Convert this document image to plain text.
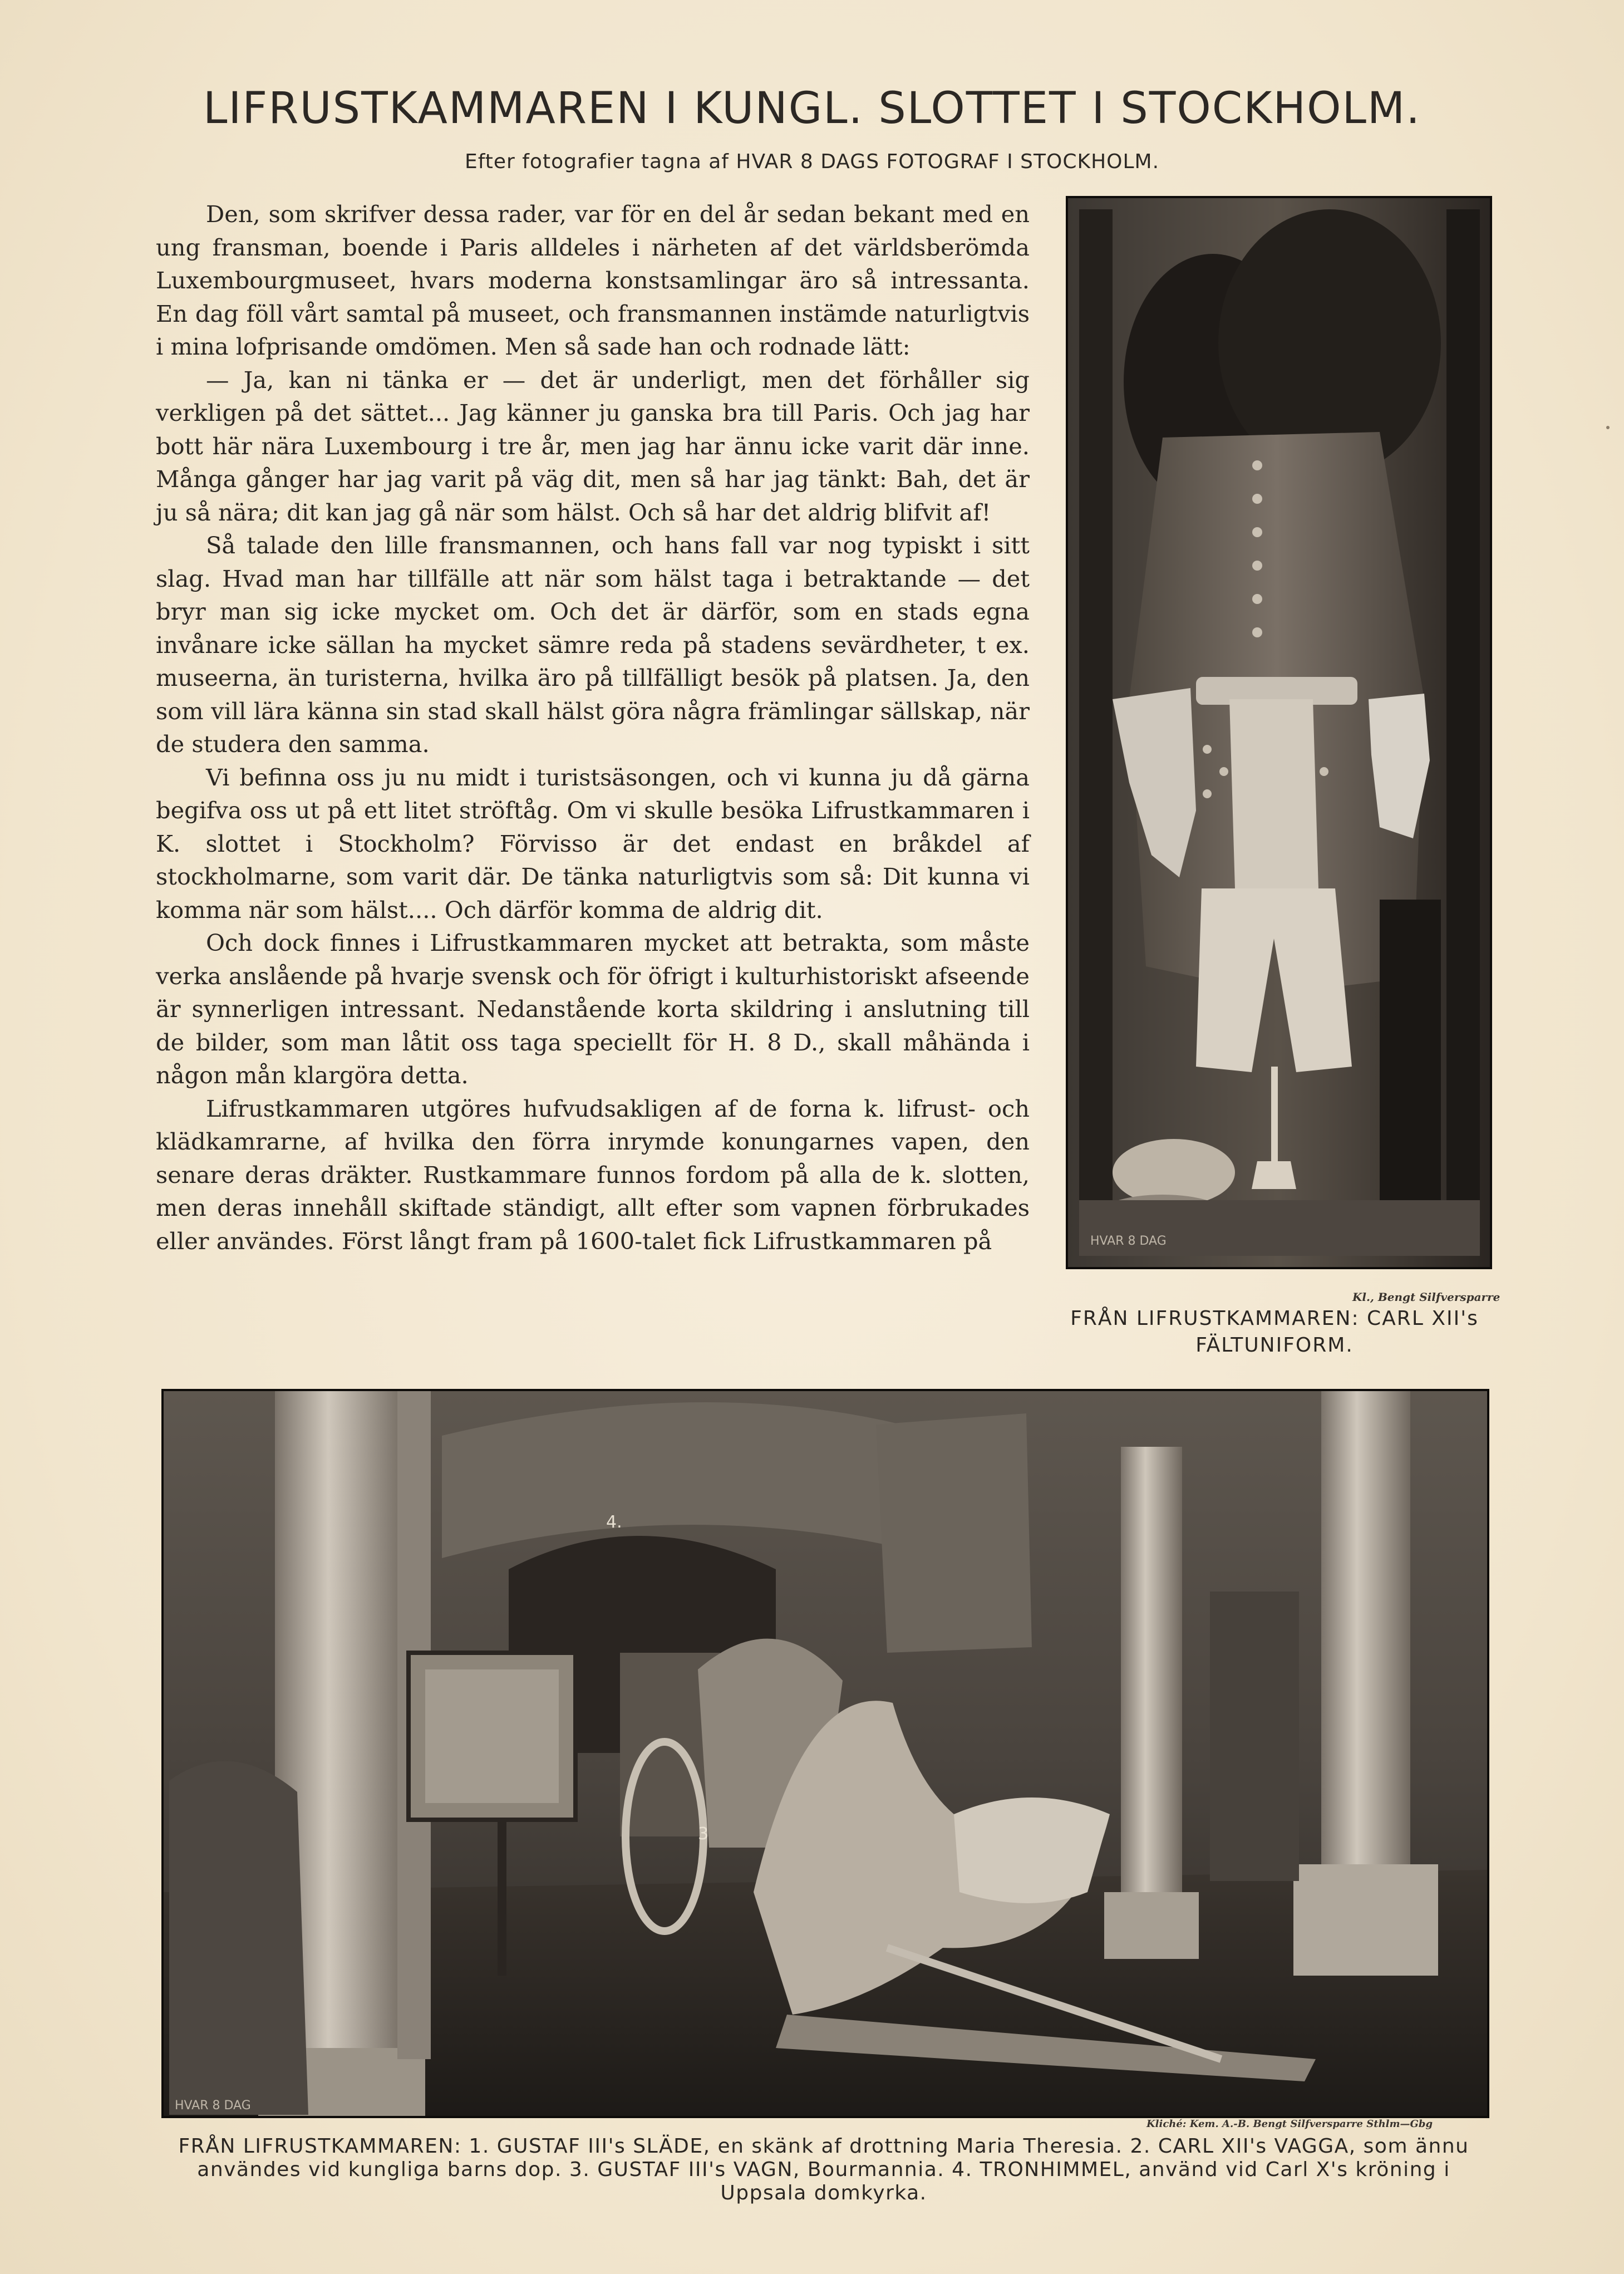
LIFRUSTKAMMAREN I KUNGL. SLOTTET I STOCKHOLM.
Efter fotografier tagna af HVAR 8 DAGS FOTOGRAF I STOCKHOLM.

Den, som skrifver dessa rader, var för en del år sedan bekant med en ung fransman, boende i Paris alldeles i närheten af det världsberömda Luxembourgmuseet, hvars moderna konstsamlingar äro så intressanta. En dag föll vårt samtal på museet, och fransmannen instämde naturligtvis i mina lofprisande omdömen. Men så sade han och rodnade lätt:

— Ja, kan ni tänka er — det är underligt, men det förhåller sig verkligen på det sättet... Jag känner ju ganska bra till Paris. Och jag har bott här nära Luxembourg i tre år, men jag har ännu icke varit där inne. Många gånger har jag varit på väg dit, men så har jag tänkt: Bah, det är ju så nära; dit kan jag gå när som hälst. Och så har det aldrig blifvit af!

Så talade den lille fransmannen, och hans fall var nog typiskt i sitt slag. Hvad man har tillfälle att när som hälst taga i betraktande — det bryr man sig icke mycket om. Och det är därför, som en stads egna invånare icke sällan ha mycket sämre reda på stadens sevärdheter, t ex. museerna, än turisterna, hvilka äro på tillfälligt besök på platsen. Ja, den som vill lära känna sin stad skall hälst göra några främlingar sällskap, när de studera den samma.

Vi befinna oss ju nu midt i turistsäsongen, och vi kunna ju då gärna begifva oss ut på ett litet ströftåg. Om vi skulle besöka Lifrustkammaren i K. slottet i Stockholm? Förvisso är det endast en bråkdel af stockholmarne, som varit där. De tänka naturligtvis som så: Dit kunna vi komma när som hälst.... Och därför komma de aldrig dit.

Och dock finnes i Lifrustkammaren mycket att betrakta, som måste verka anslående på hvarje svensk och för öfrigt i kulturhistoriskt afseende är synnerligen intressant. Nedanstående korta skildring i anslutning till de bilder, som man låtit oss taga speciellt för H. 8 D., skall måhända i någon mån klargöra detta.

Lifrustkammaren utgöres hufvudsakligen af de forna k. lifrust- och klädkamrarne, af hvilka den förra inrymde konungarnes vapen, den senare deras dräkter. Rustkammare funnos fordom på alla de k. slotten, men deras innehåll skiftade ständigt, allt efter som vapnen förbrukades eller användes. Först långt fram på 1600-talet fick Lifrustkammaren på	HVAR 8 DAG
Kl., Bengt Silfversparre
FRÅN LIFRUSTKAMMAREN: CARL XII's FÄLTUNIFORM.
HVAR 8 DAG
4.
3
Kliché: Kem. A.-B. Bengt Silfversparre Sthlm—Gbg
FRÅN LIFRUSTKAMMAREN: 1. GUSTAF III's SLÄDE, en skänk af drottning Maria Theresia. 2. CARL XII's VAGGA, som ännu användes vid kungliga barns dop. 3. GUSTAF III's VAGN, Bourmannia. 4. TRONHIMMEL, använd vid Carl X's kröning i Uppsala domkyrka.
